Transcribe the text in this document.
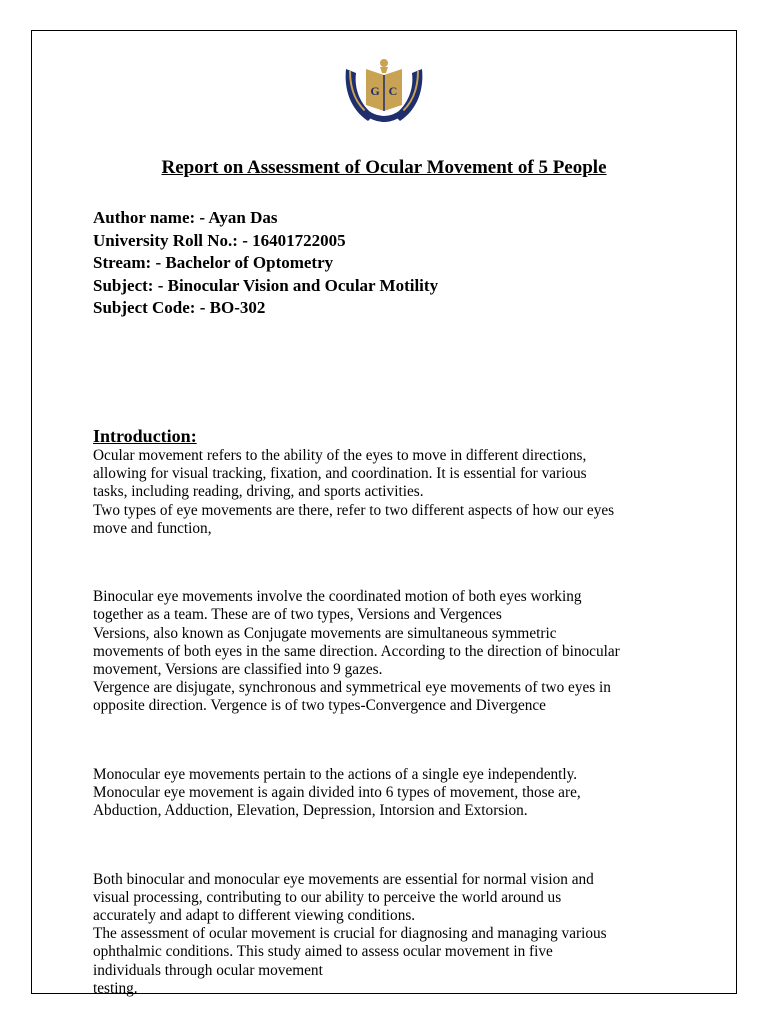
G C
Report on Assessment of Ocular Movement of 5 People
Author name: - Ayan Das
University Roll No.: - 16401722005
Stream: - Bachelor of Optometry
Subject: - Binocular Vision and Ocular Motility
Subject Code: - BO-302
Introduction:

Ocular movement refers to the ability of the eyes to move in different directions,

allowing for visual tracking, fixation, and coordination. It is essential for various

tasks, including reading, driving, and sports activities.

Two types of eye movements are there, refer to two different aspects of how our eyes

move and function,

Binocular eye movements involve the coordinated motion of both eyes working

together as a team. These are of two types, Versions and Vergences

Versions, also known as Conjugate movements are simultaneous symmetric

movements of both eyes in the same direction. According to the direction of binocular

movement, Versions are classified into 9 gazes.

Vergence are disjugate, synchronous and symmetrical eye movements of two eyes in

opposite direction. Vergence is of two types-Convergence and Divergence

Monocular eye movements pertain to the actions of a single eye independently.

Monocular eye movement is again divided into 6 types of movement, those are,

Abduction, Adduction, Elevation, Depression, Intorsion and Extorsion.

Both binocular and monocular eye movements are essential for normal vision and

visual processing, contributing to our ability to perceive the world around us

accurately and adapt to different viewing conditions.

The assessment of ocular movement is crucial for diagnosing and managing various

ophthalmic conditions. This study aimed to assess ocular movement in five

individuals through ocular movement

testing.
